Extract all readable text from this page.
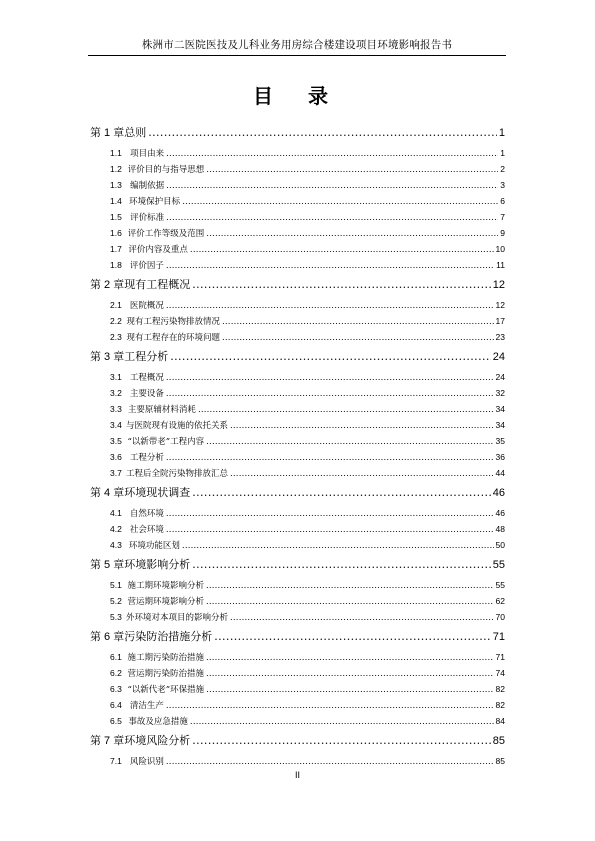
株洲市二医院医技及儿科业务用房综合楼建设项目环境影响报告书
目 录
第 1 章 总则 .....	1
1.1 项目由来 .....	1
1.2 评价目的与指导思想 .....	2
1.3 编制依据 .....	3
1.4 环境保护目标 .....	6
1.5 评价标准 .....	7
1.6 评价工作等级及范围 .....	9
1.7 评价内容及重点 .....	10
1.8 评价因子 .....	11
第 2 章 现有工程概况 .....	12
2.1 医院概况 .....	12
2.2 现有工程污染物排放情况 .....	17
2.3 现有工程存在的环境问题 .....	23
第 3 章 工程分析 .....	24
3.1 工程概况 .....	24
3.2 主要设备 .....	32
3.3 主要原辅材料消耗 .....	34
3.4 与医院现有设施的依托关系 .....	34
3.5 “以新带老”工程内容 .....	35
3.6 工程分析 .....	36
3.7 工程后全院污染物排放汇总 .....	44
第 4 章 环境现状调查 .....	46
4.1 自然环境 .....	46
4.2 社会环境 .....	48
4.3 环境功能区划 .....	50
第 5 章 环境影响分析 .....	55
5.1 施工期环境影响分析 .....	55
5.2 营运期环境影响分析 .....	62
5.3 外环境对本项目的影响分析 .....	70
第 6 章 污染防治措施分析 .....	71
6.1 施工期污染防治措施 .....	71
6.2 营运期污染防治措施 .....	74
6.3 “以新代老”环保措施 .....	82
6.4 清洁生产 .....	82
6.5 事故及应急措施 .....	84
第 7 章 环境风险分析 .....	85
7.1 风险识别 .....	85
II
